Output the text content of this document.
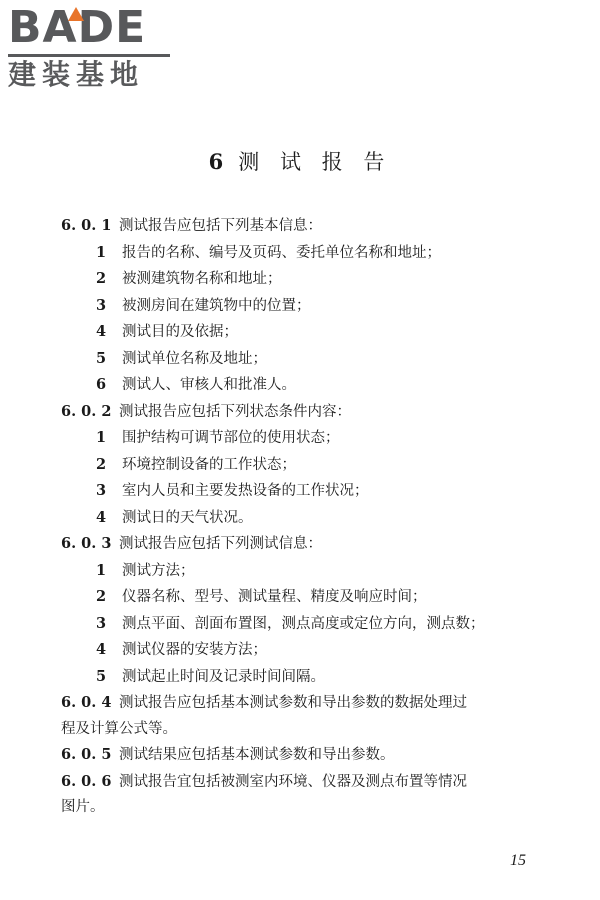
BADE
建装基地
6 测 试 报 告
6. 0. 1 测试报告应包括下列基本信息：
1 报告的名称、编号及页码、委托单位名称和地址；
2 被测建筑物名称和地址；
3 被测房间在建筑物中的位置；
4 测试目的及依据；
5 测试单位名称及地址；
6 测试人、审核人和批准人。
6. 0. 2 测试报告应包括下列状态条件内容：
1 围护结构可调节部位的使用状态；
2 环境控制设备的工作状态；
3 室内人员和主要发热设备的工作状况；
4 测试日的天气状况。
6. 0. 3 测试报告应包括下列测试信息：
1 测试方法；
2 仪器名称、型号、测试量程、精度及响应时间；
3 测点平面、剖面布置图，测点高度或定位方向，测点数；
4 测试仪器的安装方法；
5 测试起止时间及记录时间间隔。
6. 0. 4 测试报告应包括基本测试参数和导出参数的数据处理过
程及计算公式等。
6. 0. 5 测试结果应包括基本测试参数和导出参数。
6. 0. 6 测试报告宜包括被测室内环境、仪器及测点布置等情况
图片。
15
